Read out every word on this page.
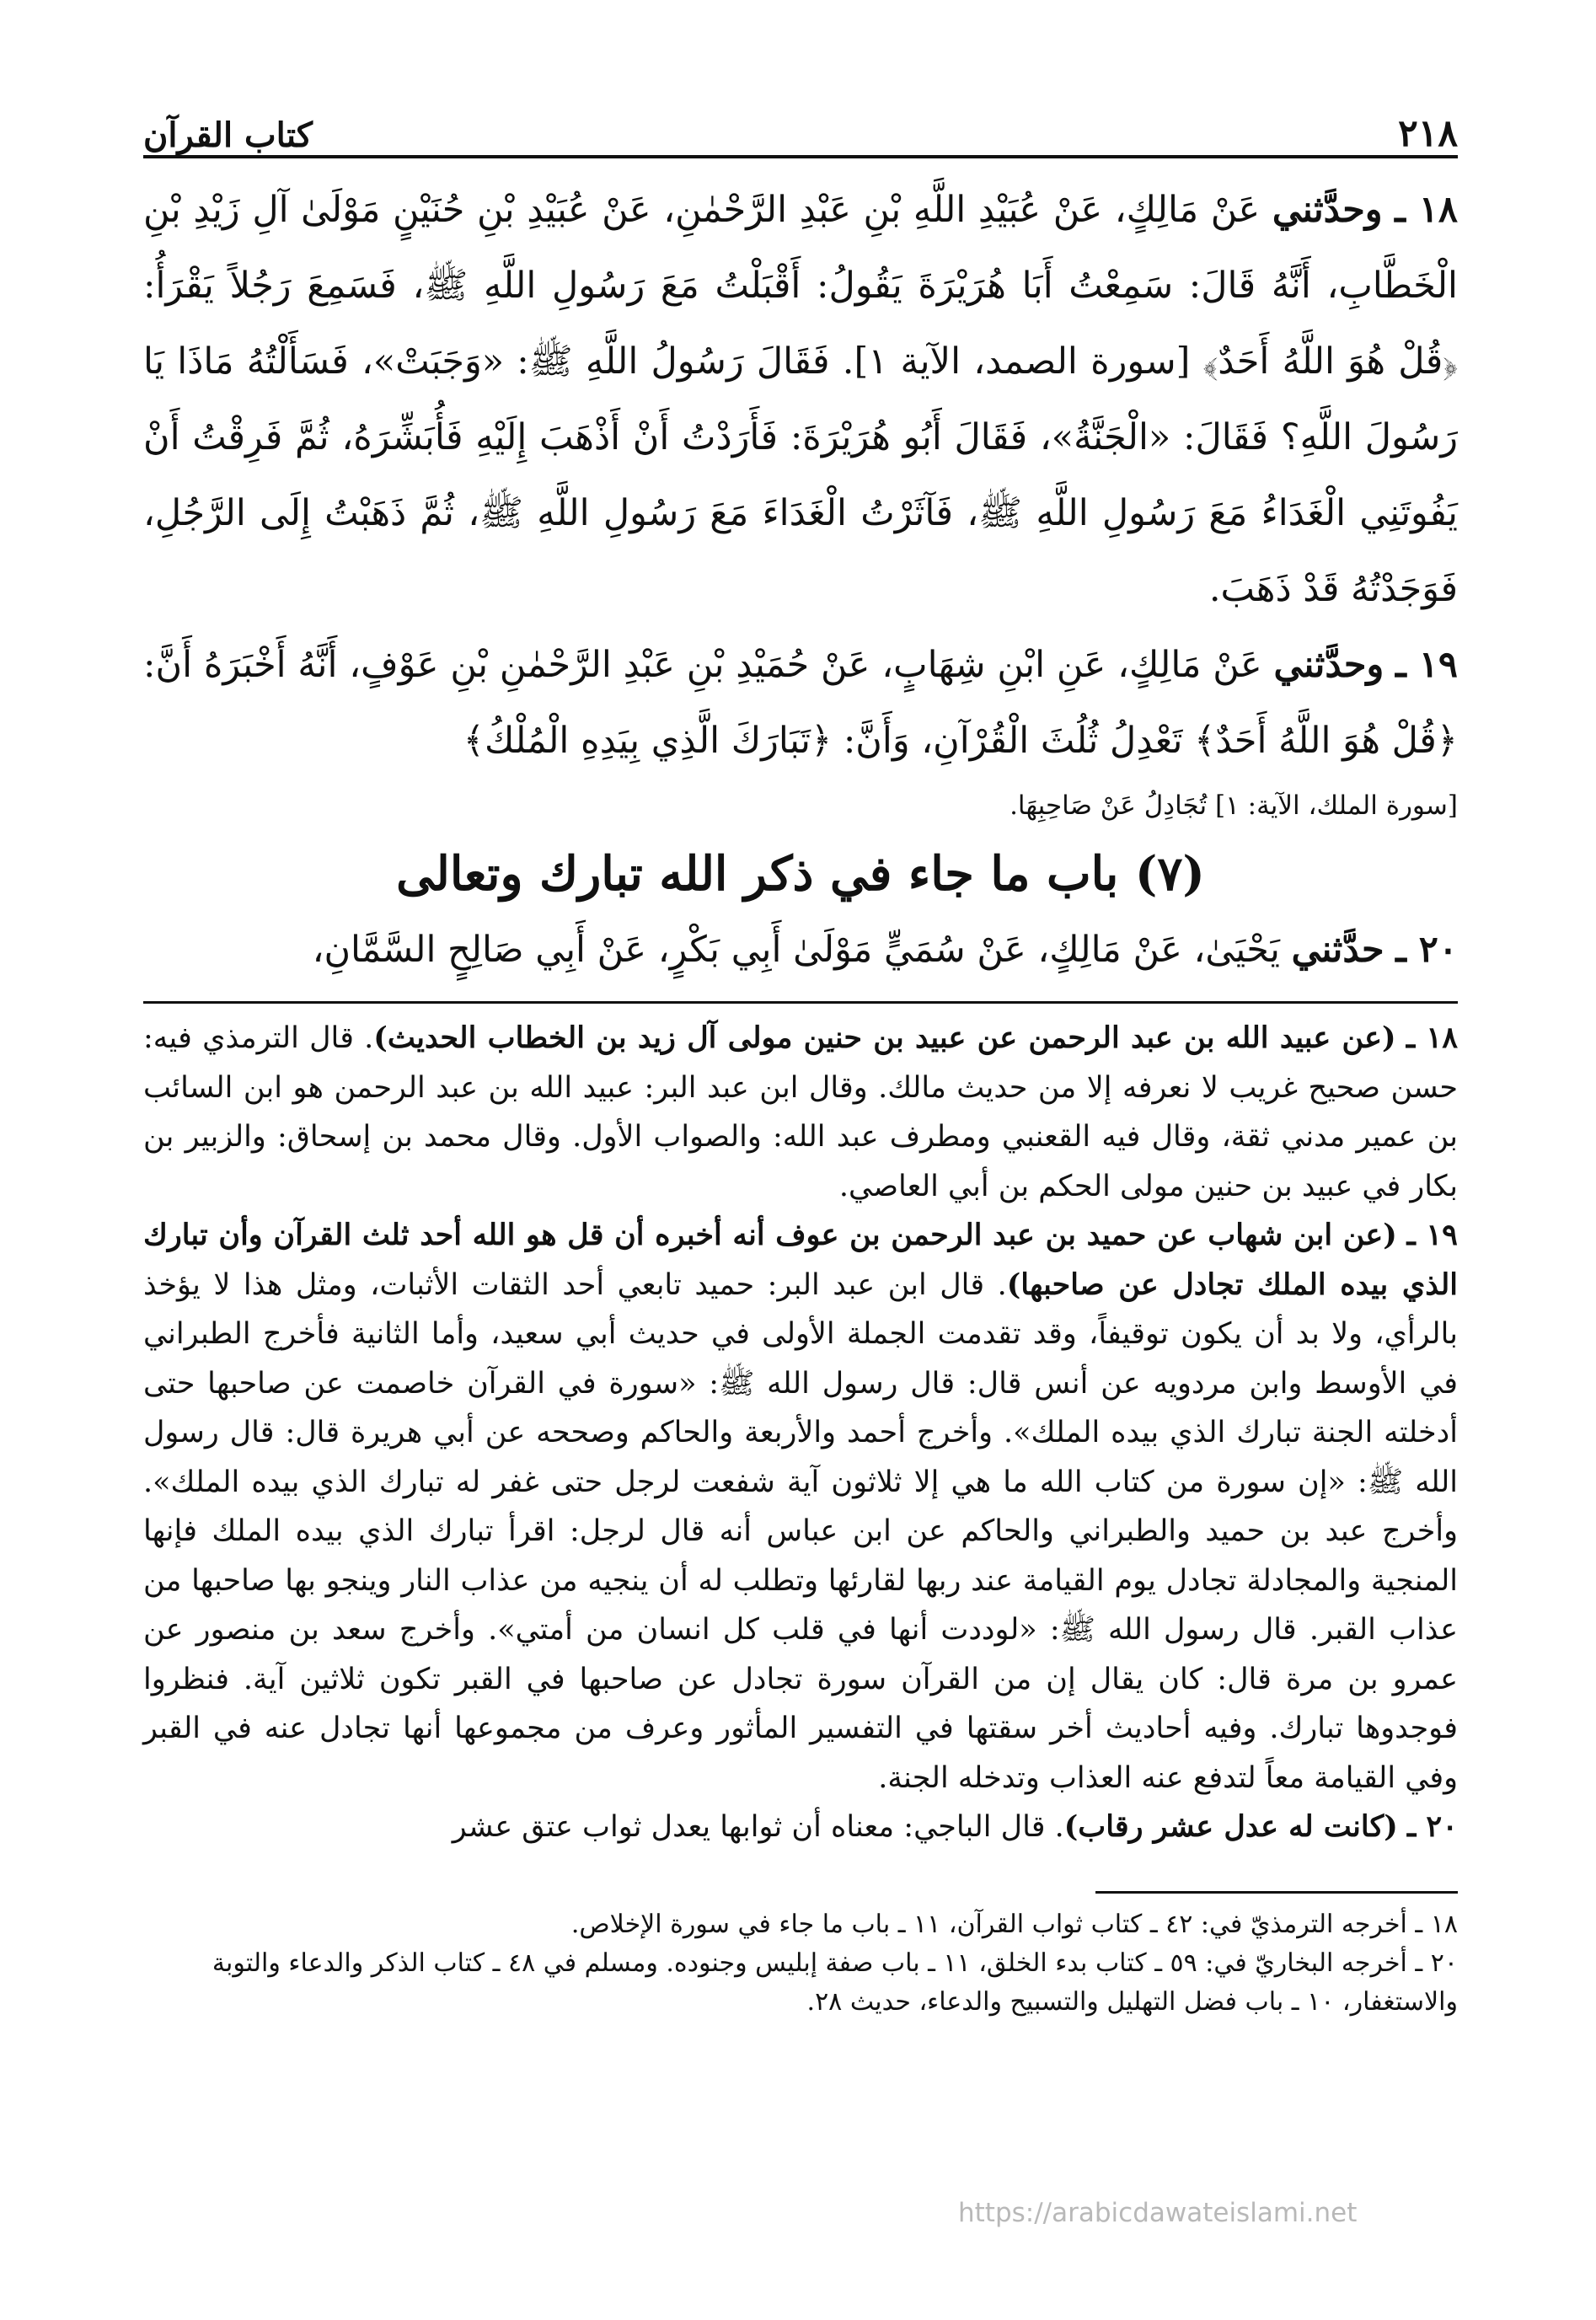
٢١٨
كتاب القرآن

١٨ ـ وحدَّثني عَنْ مَالِكٍ، عَنْ عُبَيْدِ اللَّهِ بْنِ عَبْدِ الرَّحْمٰنِ، عَنْ عُبَيْدِ بْنِ حُنَيْنٍ مَوْلَىٰ آلِ زَيْدِ بْنِ الْخَطَّابِ، أَنَّهُ قَالَ: سَمِعْتُ أَبَا هُرَيْرَةَ يَقُولُ: أَقْبَلْتُ مَعَ رَسُولِ اللَّهِ ﷺ، فَسَمِعَ رَجُلاً يَقْرَأُ: ﴿قُلْ هُوَ اللَّهُ أَحَدٌ﴾ [سورة الصمد، الآية ١]. فَقَالَ رَسُولُ اللَّهِ ﷺ: «وَجَبَتْ»، فَسَأَلْتُهُ مَاذَا يَا رَسُولَ اللَّهِ؟ فَقَالَ: «الْجَنَّةُ»، فَقَالَ أَبُو هُرَيْرَةَ: فَأَرَدْتُ أَنْ أَذْهَبَ إِلَيْهِ فَأُبَشِّرَهُ، ثُمَّ فَرِقْتُ أَنْ يَفُوتَنِي الْغَدَاءُ مَعَ رَسُولِ اللَّهِ ﷺ، فَآثَرْتُ الْغَدَاءَ مَعَ رَسُولِ اللَّهِ ﷺ، ثُمَّ ذَهَبْتُ إِلَى الرَّجُلِ، فَوَجَدْتُهُ قَدْ ذَهَبَ.

١٩ ـ وحدَّثني عَنْ مَالِكٍ، عَنِ ابْنِ شِهَابٍ، عَنْ حُمَيْدِ بْنِ عَبْدِ الرَّحْمٰنِ بْنِ عَوْفٍ، أَنَّهُ أَخْبَرَهُ أَنَّ: ﴿قُلْ هُوَ اللَّهُ أَحَدٌ﴾ تَعْدِلُ ثُلُثَ الْقُرْآنِ، وَأَنَّ: ﴿تَبَارَكَ الَّذِي بِيَدِهِ الْمُلْكُ﴾

[سورة الملك، الآية: ١] تُجَادِلُ عَنْ صَاحِبِهَا.

(٧) باب ما جاء في ذكر الله تبارك وتعالى

٢٠ ـ حدَّثني يَحْيَىٰ، عَنْ مَالِكٍ، عَنْ سُمَيٍّ مَوْلَىٰ أَبِي بَكْرٍ، عَنْ أَبِي صَالِحٍ السَّمَّانِ،

١٨ ـ (عن عبيد الله بن عبد الرحمن عن عبيد بن حنين مولى آل زيد بن الخطاب الحديث). قال الترمذي فيه: حسن صحيح غريب لا نعرفه إلا من حديث مالك. وقال ابن عبد البر: عبيد الله بن عبد الرحمن هو ابن السائب بن عمير مدني ثقة، وقال فيه القعنبي ومطرف عبد الله: والصواب الأول. وقال محمد بن إسحاق: والزبير بن بكار في عبيد بن حنين مولى الحكم بن أبي العاصي.

١٩ ـ (عن ابن شهاب عن حميد بن عبد الرحمن بن عوف أنه أخبره أن قل هو الله أحد ثلث القرآن وأن تبارك الذي بيده الملك تجادل عن صاحبها). قال ابن عبد البر: حميد تابعي أحد الثقات الأثبات، ومثل هذا لا يؤخذ بالرأي، ولا بد أن يكون توقيفاً، وقد تقدمت الجملة الأولى في حديث أبي سعيد، وأما الثانية فأخرج الطبراني في الأوسط وابن مردويه عن أنس قال: قال رسول الله ﷺ: «سورة في القرآن خاصمت عن صاحبها حتى أدخلته الجنة تبارك الذي بيده الملك». وأخرج أحمد والأربعة والحاكم وصححه عن أبي هريرة قال: قال رسول الله ﷺ: «إن سورة من كتاب الله ما هي إلا ثلاثون آية شفعت لرجل حتى غفر له تبارك الذي بيده الملك». وأخرج عبد بن حميد والطبراني والحاكم عن ابن عباس أنه قال لرجل: اقرأ تبارك الذي بيده الملك فإنها المنجية والمجادلة تجادل يوم القيامة عند ربها لقارئها وتطلب له أن ينجيه من عذاب النار وينجو بها صاحبها من عذاب القبر. قال رسول الله ﷺ: «لوددت أنها في قلب كل انسان من أمتي». وأخرج سعد بن منصور عن عمرو بن مرة قال: كان يقال إن من القرآن سورة تجادل عن صاحبها في القبر تكون ثلاثين آية. فنظروا فوجدوها تبارك. وفيه أحاديث أخر سقتها في التفسير المأثور وعرف من مجموعها أنها تجادل عنه في القبر وفي القيامة معاً لتدفع عنه العذاب وتدخله الجنة.

٢٠ ـ (كانت له عدل عشر رقاب). قال الباجي: معناه أن ثوابها يعدل ثواب عتق عشر

١٨ ـ أخرجه الترمذيّ في: ٤٢ ـ كتاب ثواب القرآن، ١١ ـ باب ما جاء في سورة الإخلاص.

٢٠ ـ أخرجه البخاريّ في: ٥٩ ـ كتاب بدء الخلق، ١١ ـ باب صفة إبليس وجنوده. ومسلم في ٤٨ ـ كتاب الذكر والدعاء والتوبة والاستغفار، ١٠ ـ باب فضل التهليل والتسبيح والدعاء، حديث ٢٨.

https://arabicdawateislami.net
